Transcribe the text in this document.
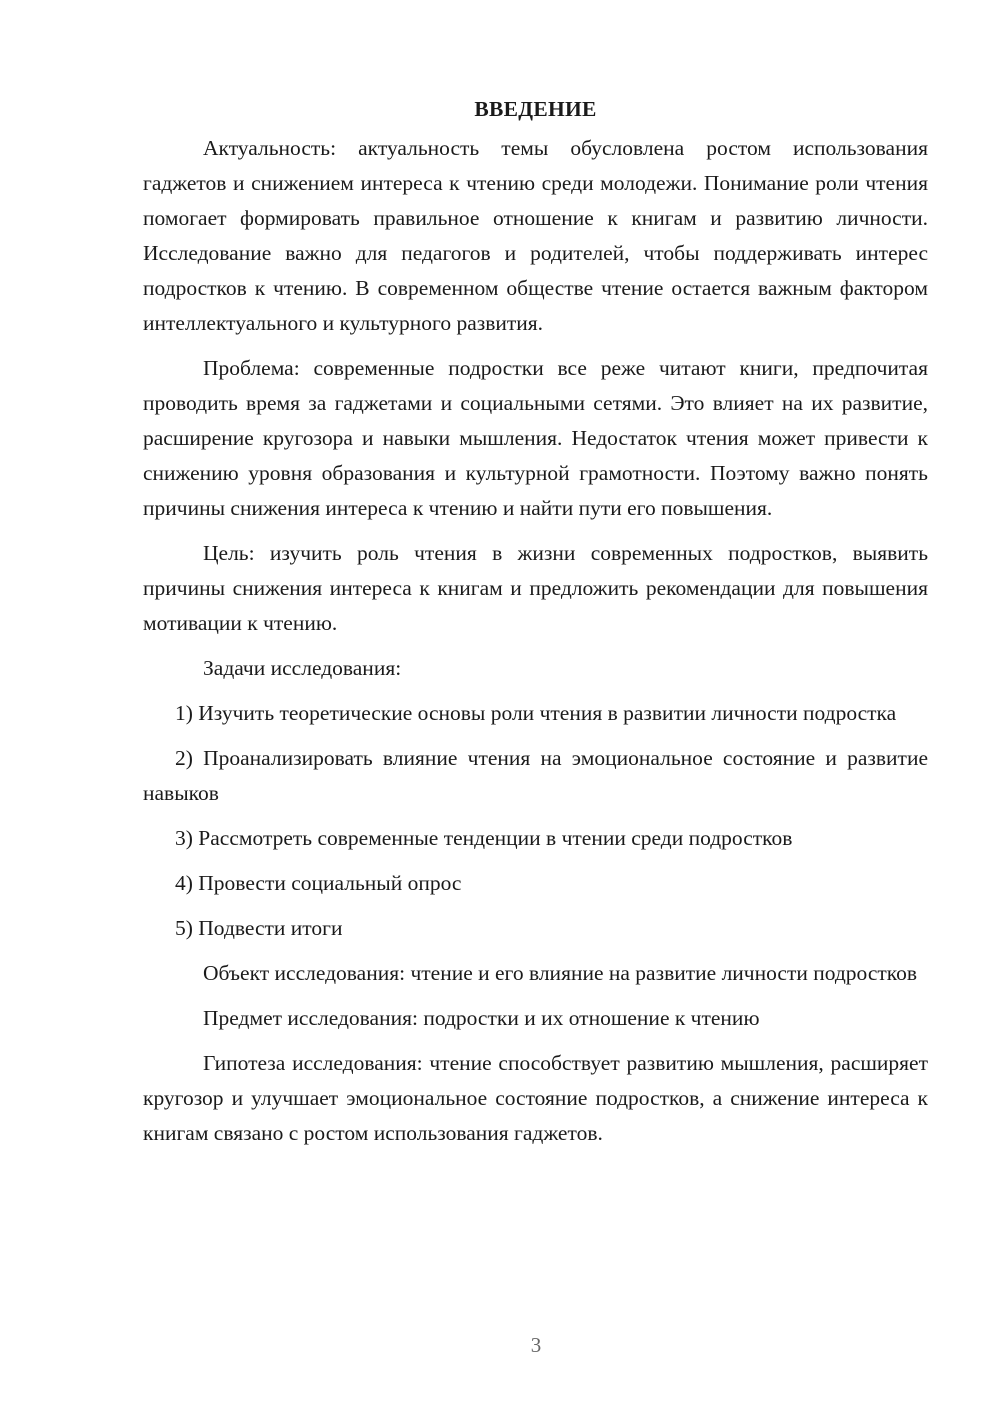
ВВЕДЕНИЕ

Актуальность: актуальность темы обусловлена ростом использования гаджетов и снижением интереса к чтению среди молодежи. Понимание роли чтения помогает формировать правильное отношение к книгам и развитию личности. Исследование важно для педагогов и родителей, чтобы поддерживать интерес подростков к чтению. В современном обществе чтение остается важным фактором интеллектуального и культурного развития.

Проблема: современные подростки все реже читают книги, предпочитая проводить время за гаджетами и социальными сетями. Это влияет на их развитие, расширение кругозора и навыки мышления. Недостаток чтения может привести к снижению уровня образования и культурной грамотности. Поэтому важно понять причины снижения интереса к чтению и найти пути его повышения.

Цель: изучить роль чтения в жизни современных подростков, выявить причины снижения интереса к книгам и предложить рекомендации для повышения мотивации к чтению.

Задачи исследования:

1) Изучить теоретические основы роли чтения в развитии личности подростка

2) Проанализировать влияние чтения на эмоциональное состояние и развитие навыков

3) Рассмотреть современные тенденции в чтении среди подростков

4) Провести социальный опрос

5) Подвести итоги

Объект исследования: чтение и его влияние на развитие личности подростков

Предмет исследования: подростки и их отношение к чтению

Гипотеза исследования: чтение способствует развитию мышления, расширяет кругозор и улучшает эмоциональное состояние подростков, а снижение интереса к книгам связано с ростом использования гаджетов.

3
